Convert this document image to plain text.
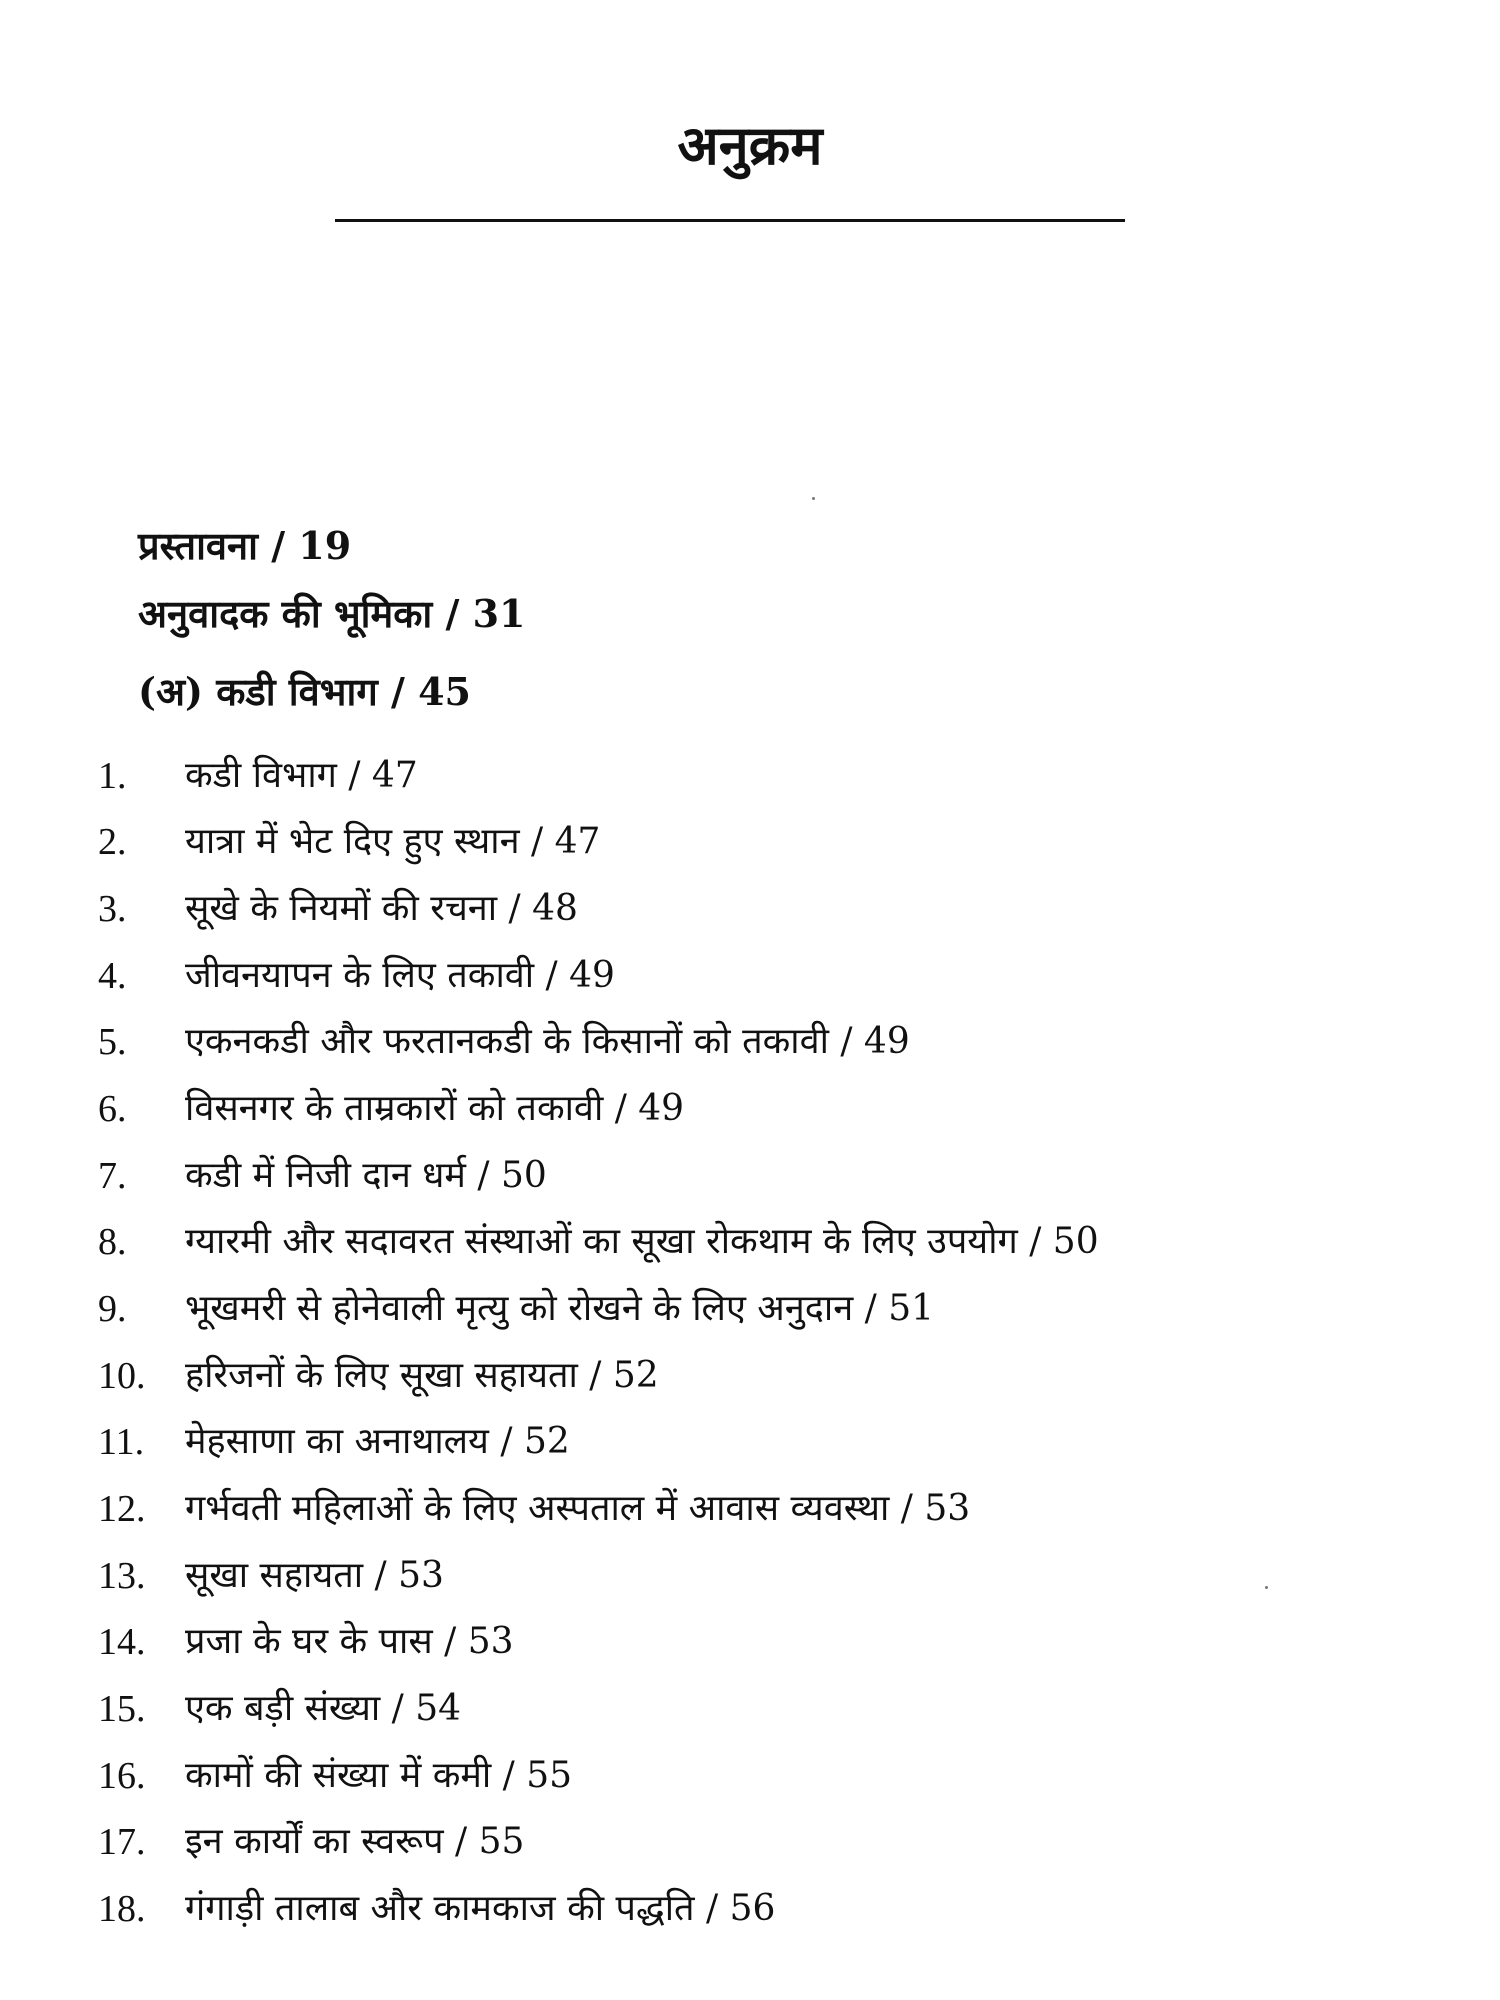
अनुक्रम
प्रस्तावना / 19
अनुवादक की भूमिका / 31
(अ) कडी विभाग / 45
1.	कडी विभाग / 47
2.	यात्रा में भेट दिए हुए स्थान / 47
3.	सूखे के नियमों की रचना / 48
4.	जीवनयापन के लिए तकावी / 49
5.	एकनकडी और फरतानकडी के किसानों को तकावी / 49
6.	विसनगर के ताम्रकारों को तकावी / 49
7.	कडी में निजी दान धर्म / 50
8.	ग्यारमी और सदावरत संस्थाओं का सूखा रोकथाम के लिए उपयोग / 50
9.	भूखमरी से होनेवाली मृत्यु को रोखने के लिए अनुदान / 51
10.	हरिजनों के लिए सूखा सहायता / 52
11.	मेहसाणा का अनाथालय / 52
12.	गर्भवती महिलाओं के लिए अस्पताल में आवास व्यवस्था / 53
13.	सूखा सहायता / 53
14.	प्रजा के घर के पास / 53
15.	एक बड़ी संख्या / 54
16.	कामों की संख्या में कमी / 55
17.	इन कार्यों का स्वरूप / 55
18.	गंगाड़ी तालाब और कामकाज की पद्धति / 56
